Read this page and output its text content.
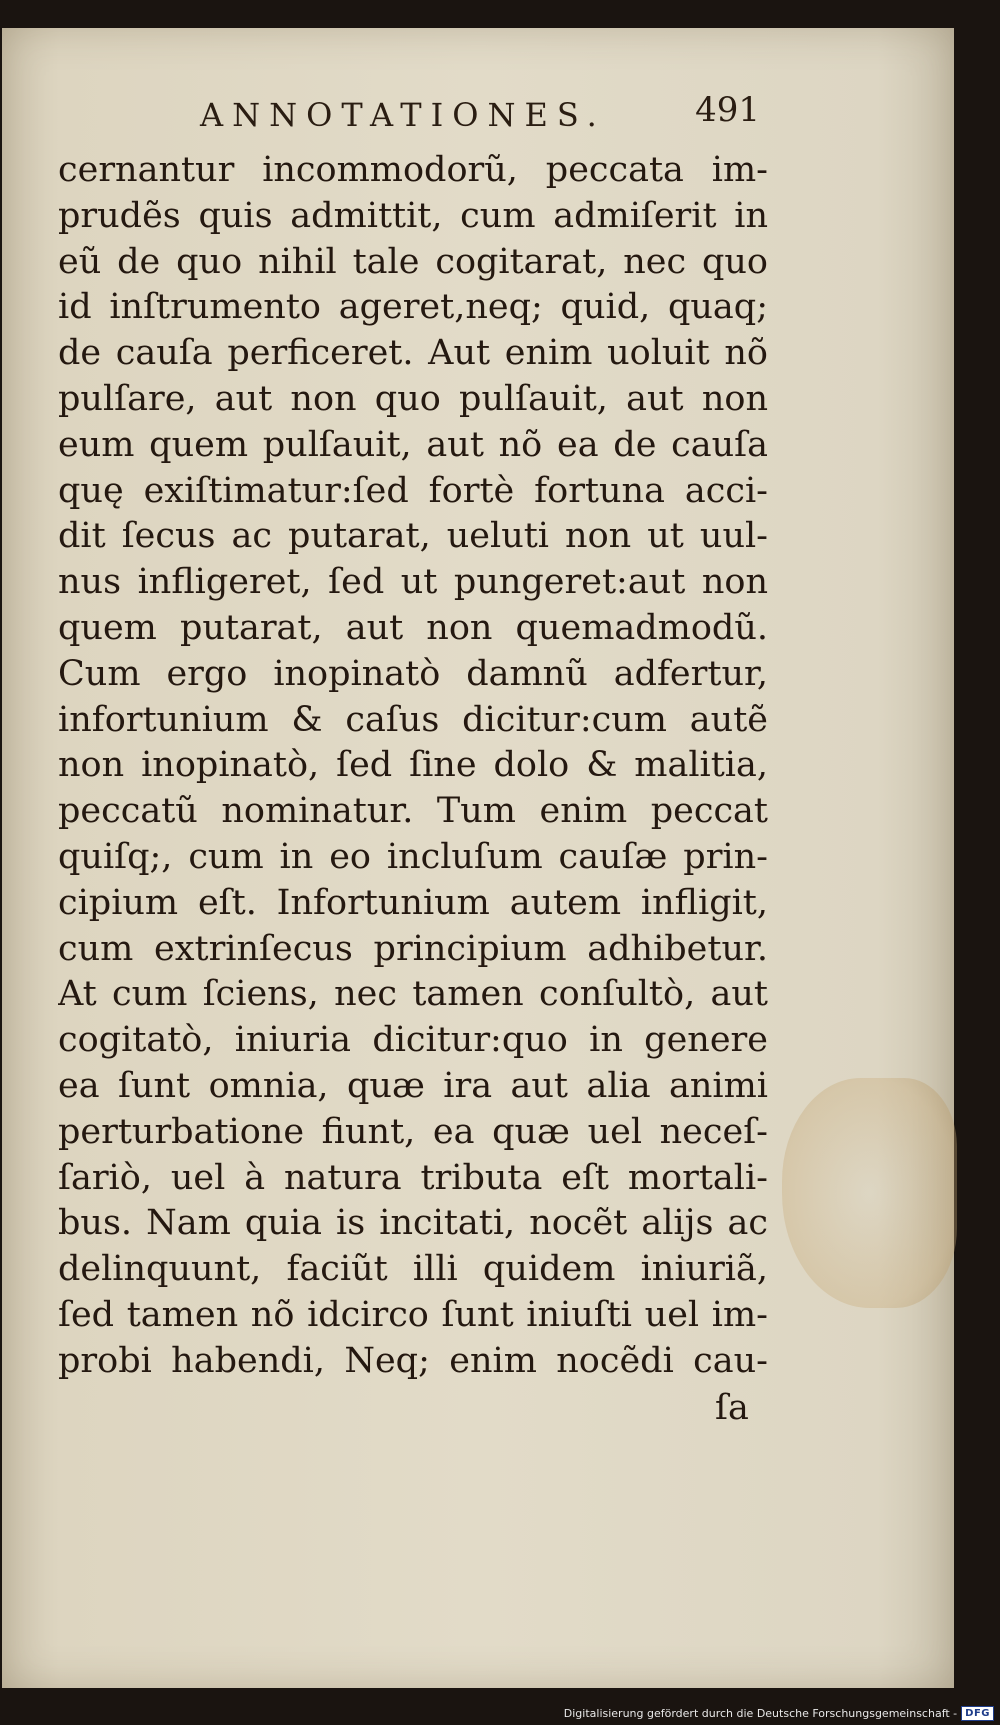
ANNOTATIONES.	491
cernantur incommodorũ, peccata im-
prudẽs quis admittit, cum admiſerit in
eũ de quo nihil tale cogitarat, nec quo
id inſtrumento ageret,neq; quid, quaq;
de cauſa perficeret. Aut enim uoluit nõ
pulſare, aut non quo pulſauit, aut non
eum quem pulſauit, aut nõ ea de cauſa
quę exiſtimatur:ſed fortè fortuna acci-
dit ſecus ac putarat, ueluti non ut uul-
nus infligeret, ſed ut pungeret:aut non
quem putarat, aut non quemadmodũ.
Cum ergo inopinatò damnũ adfertur,
infortunium & caſus dicitur:cum autẽ
non inopinatò, ſed ſine dolo & malitia,
peccatũ nominatur. Tum enim peccat
quiſq;, cum in eo incluſum cauſæ prin-
cipium eſt. Infortunium autem infligit,
cum extrinſecus principium adhibetur.
At cum ſciens, nec tamen conſultò, aut
cogitatò, iniuria dicitur:quo in genere
ea ſunt omnia, quæ ira aut alia animi
perturbatione fiunt, ea quæ uel neceſ-
ſariò, uel à natura tributa eſt mortali-
bus. Nam quia is incitati, nocẽt alijs ac
delinquunt, faciũt illi quidem iniuriã,
ſed tamen nõ idcirco ſunt iniuſti uel im-
probi habendi, Neq; enim nocẽdi cau-
ſa
Digitalisierung gefördert durch die Deutsche Forschungsgemeinschaft - DFG
